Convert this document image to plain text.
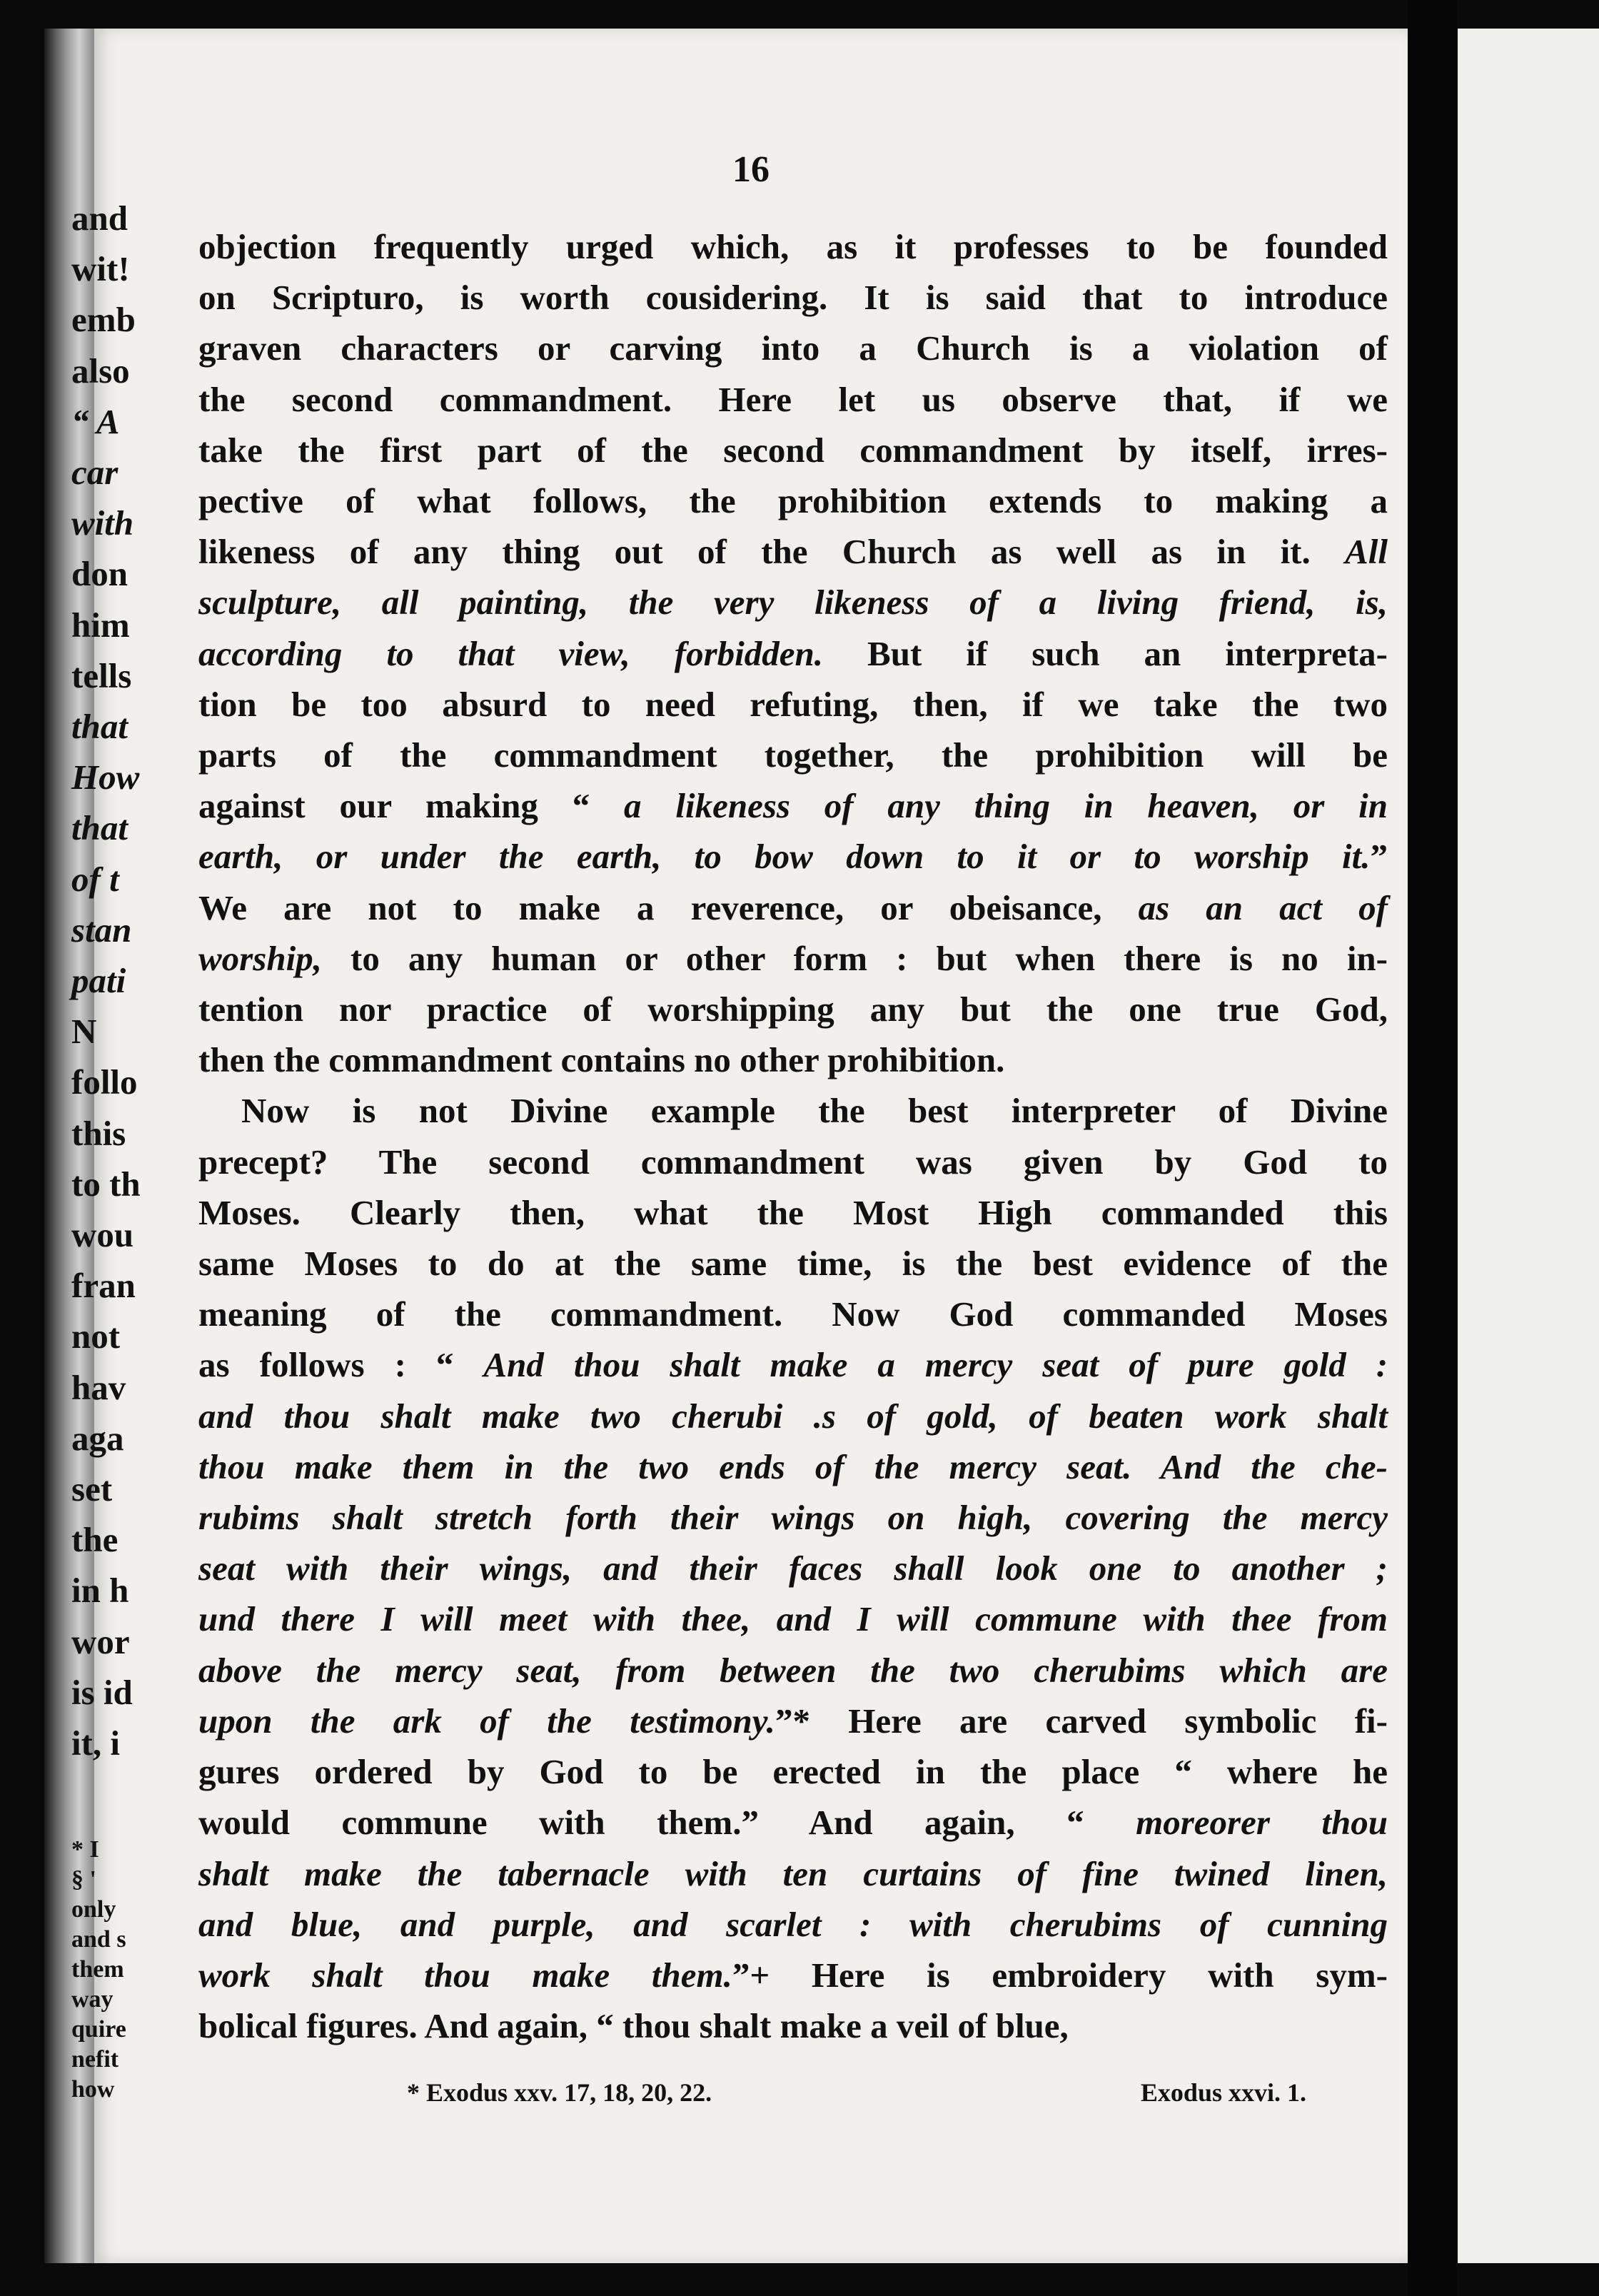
16
objection frequently urged which, as it professes to be founded
on Scripturo, is worth cousidering. It is said that to introduce
graven characters or carving into a Church is a violation of
the second commandment. Here let us observe that, if we
take the first part of the second commandment by itself, irres-
pective of what follows, the prohibition extends to making a
likeness of any thing out of the Church as well as in it. All
sculpture, all painting, the very likeness of a living friend, is,
according to that view, forbidden. But if such an interpreta-
tion be too absurd to need refuting, then, if we take the two
parts of the commandment together, the prohibition will be
against our making “ a likeness of any thing in heaven, or in
earth, or under the earth, to bow down to it or to worship it.”
We are not to make a reverence, or obeisance, as an act of
worship, to any human or other form : but when there is no in-
tention nor practice of worshipping any but the one true God,
then the commandment contains no other prohibition.
Now is not Divine example the best interpreter of Divine
precept? The second commandment was given by God to
Moses. Clearly then, what the Most High commanded this
same Moses to do at the same time, is the best evidence of the
meaning of the commandment. Now God commanded Moses
as follows : “ And thou shalt make a mercy seat of pure gold :
and thou shalt make two cherubi .s of gold, of beaten work shalt
thou make them in the two ends of the mercy seat. And the che-
rubims shalt stretch forth their wings on high, covering the mercy
seat with their wings, and their faces shall look one to another ;
und there I will meet with thee, and I will commune with thee from
above the mercy seat, from between the two cherubims which are
upon the ark of the testimony.”* Here are carved symbolic fi-
gures ordered by God to be erected in the place “ where he
would commune with them.” And again, “ moreorer thou
shalt make the tabernacle with ten curtains of fine twined linen,
and blue, and purple, and scarlet : with cherubims of cunning
work shalt thou make them.”+ Here is embroidery with sym-
bolical figures. And again, “ thou shalt make a veil of blue,
* Exodus xxv. 17, 18, 20, 22.	Exodus xxvi. 1.
and
wit!
emb
also
“ A
car
with
don
him
tells
that
How
that
of t
stan
pati
N
follo
this
to th
wou
fran
not
hav
aga
set
the
in h
wor
is id
it, i
* I
§ '
only
and s
them
way
quire
nefit
how
